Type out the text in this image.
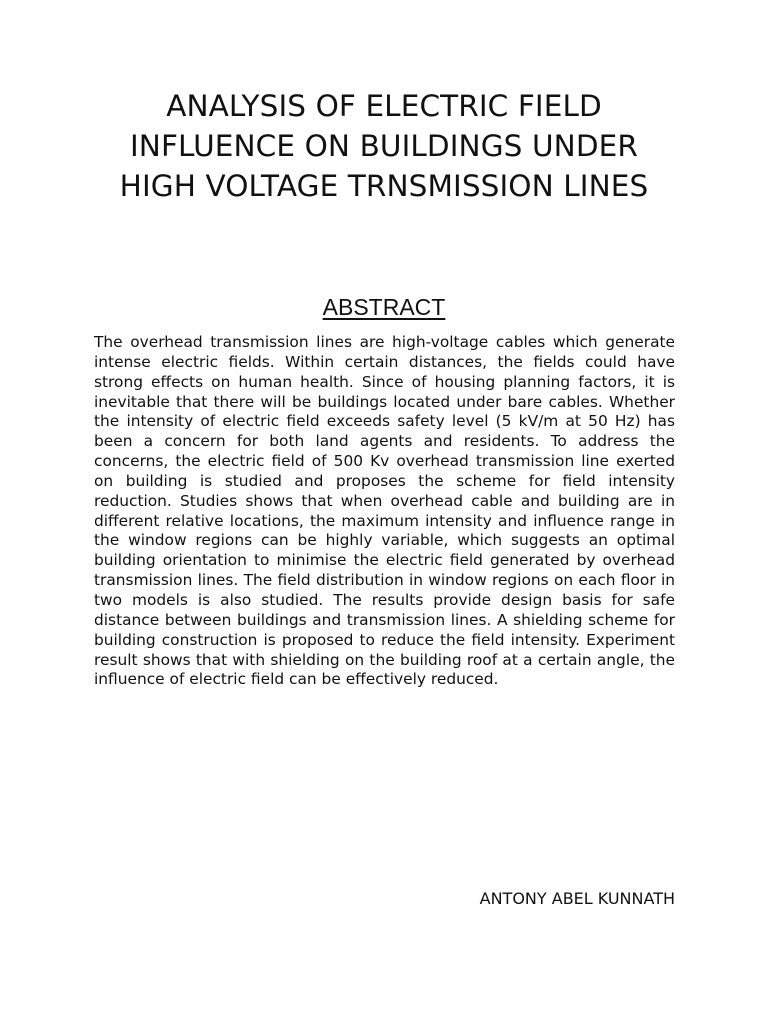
ANALYSIS OF ELECTRIC FIELD INFLUENCE ON BUILDINGS UNDER HIGH VOLTAGE TRNSMISSION LINES
ABSTRACT

The overhead transmission lines are high-voltage cables which generate intense electric fields. Within certain distances, the fields could have strong effects on human health. Since of housing planning factors, it is inevitable that there will be buildings located under bare cables. Whether the intensity of electric field exceeds safety level (5 kV/m at 50 Hz) has been a concern for both land agents and residents. To address the concerns, the electric field of 500 Kv overhead transmission line exerted on building is studied and proposes the scheme for field intensity reduction. Studies shows that when overhead cable and building are in different relative locations, the maximum intensity and influence range in the window regions can be highly variable, which suggests an optimal building orientation to minimise the electric field generated by overhead transmission lines. The field distribution in window regions on each floor in two models is also studied. The results provide design basis for safe distance between buildings and transmission lines. A shielding scheme for building construction is proposed to reduce the field intensity. Experiment result shows that with shielding on the building roof at a certain angle, the influence of electric field can be effectively reduced.

ANTONY ABEL KUNNATH
